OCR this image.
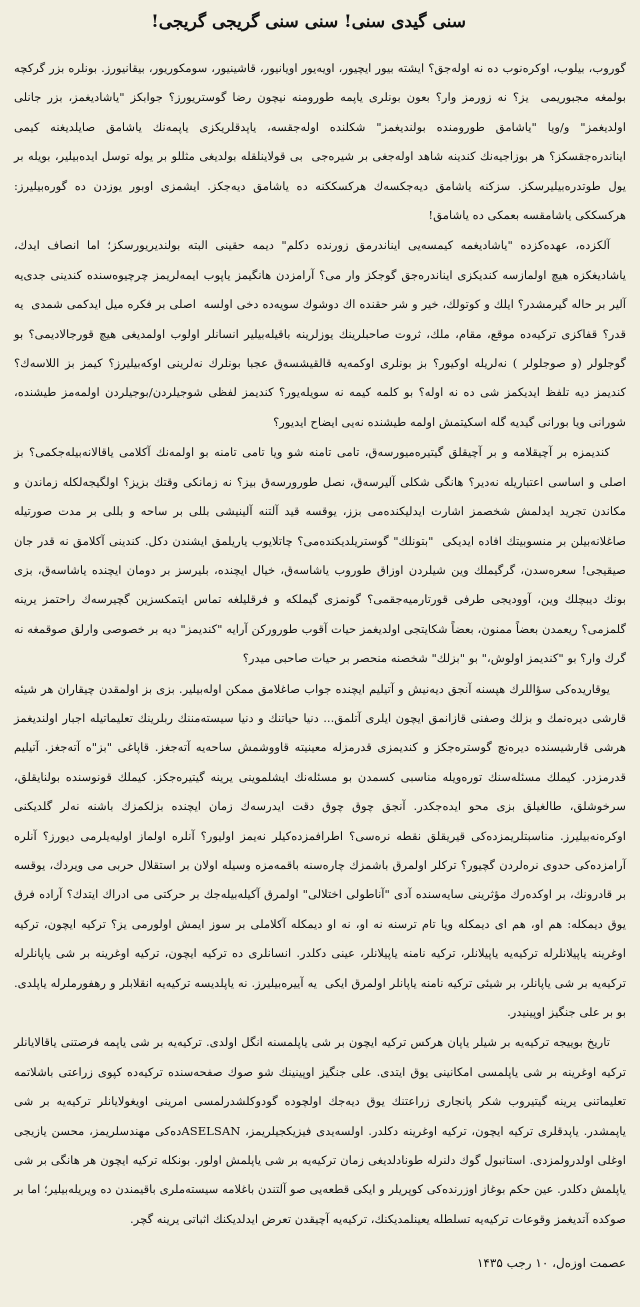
سنی گیدی سنی! سنی سنی گریجی گریجی!

گوروب، بیلوب، اوکره‌نوب ده نه اوله‌جق؟ ایشته بیور ایچیور، اویه‌یور اویانیور، قاشینیور، سومکوریور، بیقانیورز. بونلره بزر گرکچه بولمغه مجبوریمی ‌ یز؟ نه زورمز وار؟ بعون بونلری یاپمه طورومنه نیچون رضا گوستریورز؟ جوابکز "یاشادیغمز، بزر جانلی اولدیغمز" و/ویا "یاشامق طورومنده بولندیغمز" شکلنده اوله‌جقسه، یاپدقلریکزی یاپمه‌نك یاشامق صایلدیغنه کیمی ایناندره‌جقسکز؟ هر بوزاجیه‌نك کندینه شاهد اوله‌جغی بر شیره‌جی ‌ بی قولاینلقله بولدیغی مثللو بر یوله توسل ایده‌بیلیر، بویله بر یول طوتدره‌بیلیرسکز. سزکنه یاشامق دیه‌جکسه‌ك هرکسککنه ده یاشامق دیه‌جکز. ایشمزی اوبور یوزدن ده گوره‌بیلیرز: هرکسککی یاشامقسه بعمکی ده یاشامق!

آلکزده، عهده‌کزده "یاشادیغمه کیمسه‌یی ایناندرمق زورنده دکلم" دیمه حقینی البته بولندیریورسکز؛ اما انصاف ایدك، یاشادیغکزه هیچ اولمازسه کندیکزی ایناندره‌جق گوجکز وار می؟ آرامزدن هانگیمز یاپوب ایمه‌لریمز چرچیوه‌سنده کندینی جدی‌یه آلیر بر حاله گیرمشدر؟ ایلك و کوتولك، خیر و شر حقنده اك دوشوك سویه‌ده دخی اولسه ‌ اصلی بر فکره میل ایدکمی شمدی ‌ یه قدر؟ قفاکزی ترکیه‌ده موقع، مقام، ملك، ثروت صاحبلرینك یوزلرینه باقیله‌بیلیر انسانلر اولوب اولمدیغی هیچ قورجالادیمی؟ بو گوجلولر (و صوجلولر ) نه‌لریله اوکیور؟ بز بونلری اوکمه‌یه قالقیشسه‌ق عجبا بونلرك نه‌لرینی اوکه‌بیلیرز؟ کیمز بز اللاسه‌ك؟ کندیمز دیه تلفظ ایدیکمز شی ده نه اوله؟ بو کلمه کیمه نه سویله‌یور؟ کندیمز لفظی شوجیلردن/بوجیلردن اولمه‌مز طیشنده، شورانی ویا بورانی گیدیه گله اسکیتمش اولمه طیشنده نه‌یی ایضاح ایدیور؟

کندیمزه بر آچیقلامه و بر آچیقلق گیتیره‌میورسه‌ق، تامی تامنه شو ویا تامی تامنه بو اولمه‌نك آکلامی یاقالانه‌بیله‌جکمی؟ بز اصلی و اساسی اعتباریله نه‌دیر؟ هانگی شکلی آلیرسه‌ق، نصل طورورسه‌ق بیز؟ نه زمانکی وقتك بزیز؟ اولگیجه‌لکله زماندن و مکاندن تجرید ایدلمش شخصمز اشارت ایدلیکنده‌می بزز، یوقسه قید آلتنه آلینیشی بللی بر ساحه و بللی بر مدت صورتیله صاغلانه‌بیلن بر منسوبیتك افاده ایدیکی ‌ "بتونلك" گوستریلدیکنده‌می؟ چاتلایوب یاریلمق ایشندن دکل. کندینی آکلامق نه قدر جان صیقیجی! سعره‌سدن، گرگیملك وین شیلردن اوزاق طوروب یاشاسه‌ق، خیال ایچنده، بلیرسز بر دومان ایچنده یاشاسه‌ق، بزی بونك دیبچلك وین، آوودیجی طرفی قورتارمیه‌جقمی؟ گونمزی گیملکه و فرقلیلغه تماس ایتمکسزین گچیرسه‌ك راحتمز یرینه گلمزمی؟ ریعمدن بعضاً ممنون، بعضاً شکایتجی اولدیغمز حیات آقوب طورورکن آرایه "کندیمز" دیه بر خصوصی وارلق صوقمغه نه گرك وار؟ بو "کندیمز اولوش،" بو "بزلك" شخصنه منحصر بر حیات صاحبی میدر؟

یوقاریده‌کی سؤاللرك هپسنه آنجق دیه‌نیش و آتیلیم ایچنده جواب صاغلامق ممکن اوله‌بیلیر. بزی بز اولمقدن چیقاران هر شیئه قارشی دیره‌نمك و بزلك وصفنی قازانمق ایچون ایلری آتلمق... دنیا حیاتنك و دنیا سیسته‌مننك ربلرینك تعلیماتیله اجبار اولندیغمز هرشی قارشیسنده دیره‌نچ گوستره‌جکز و کندیمزی قدرمزله معینیته قاووشمش ساحه‌یه آته‌جغز. قاپاغی "بز"ه آته‌جغز. آتیلیم قدرمزدر. کیملك مسئله‌سنك توره‌ویله مناسبی کسمدن بو مسئله‌نك ایشلموینی یرینه گیتیره‌جکز. کیملك قونوسنده بولنایقلق، سرخوشلق، طالغیلق بزی محو ایده‌جکدر. آنجق چوق چوق دقت ایدرسه‌ك زمان ایچنده بزلکمزك باشنه نه‌لر گلدیکنی اوکره‌نه‌بیلیرز. مناسبتلریمزده‌کی قیریقلق نقطه نره‌سی؟ اطرافمزده‌کیلر نه‌یمز اولیور؟ آنلره اولماز اولیه‌یلرمی دیورز؟ آنلره آرامزده‌کی حدوی نره‌لردن گچیور؟ ترکلر اولمرق باشمزك چاره‌سنه باقمه‌مزه وسیله اولان بر استقلال حربی می ویردك، یوقسه بر قادرونك، بر اوکده‌رك مؤثرینی سایه‌سنده آدی "آناطولی اختلالی" اولمرق آکیله‌بیله‌جك بر حرکتی می ادراك ایتدك؟ آراده فرق یوق دیمکله: هم او، هم ای دیمکله ویا تام ترسنه نه او، نه او دیمکله آکلاملی بر سوز ایمش اولورمی یز؟ ترکیه ایچون، ترکیه اوغرینه یاپیلانلرله ترکیه‌یه یاپیلانلر، ترکیه نامنه یاپیلانلر، عینی دکلدر. انسانلری ده ترکیه ایچون، ترکیه اوغرینه بر شی یاپانلرله ترکیه‌یه بر شی یاپانلر، بر شیئی ترکیه نامنه یاپانلر اولمرق ایکی ‌ یه آییره‌بیلیرز. نه یاپلدیسه ترکیه‌یه انقلابلر و رهفورملرله یاپلدی. بو بر علی جنگیز اوپینیدر.

تاریخ بوییجه ترکیه‌یه بر شیلر یاپان هرکس ترکیه ایچون بر شی یاپلمسنه انگل اولدی. ترکیه‌یه بر شی یاپمه فرصتنی یاقالایانلر ترکیه اوغرینه بر شی یاپلمسی امکانینی یوق ایتدی. ‌علی جنگیز اوپینینك شو صوك صفحه‌سنده ترکیه‌ده کپوی زراعتی باشلاتمه تعلیماتنی یرینه گیتیروب شکر پانجاری زراعتنك یوق دیه‌جك اولچوده گودوکلشدرلمسی امرینی اویغولایانلر ترکیه‌یه بر شی یاپمشدر. یاپدقلری ترکیه ایچون، ترکیه اوغرینه دکلدر. اولسه‌یدی فیزیکجیلریمز، ASELSANده‌کی مهندسلریمز، محسن یازیجی اوغلی اولدرولمزدی. استانبول گوك دلنرله طونادلدیغی زمان ترکیه‌یه بر شی یاپلمش اولور. بونکله ترکیه ایچون هر هانگی بر شی یاپلمش دکلدر. عین حکم بوغاز اوزرنده‌کی کوپریلر و ایکی قطعه‌یی صو آلتندن باغلامه سیسته‌ملری باقیمندن ده ویریله‌بیلیر؛ اما بر صوکده آتدیغمز وقوعات ترکیه‌یه تسلطله یعینلمدیکنك، ترکیه‌یه آچیقدن تعرض ایدلدیکنك اثباتی یرینه گچر.

عصمت اوزەل، ۱۰ رجب ۱۴۳۵
